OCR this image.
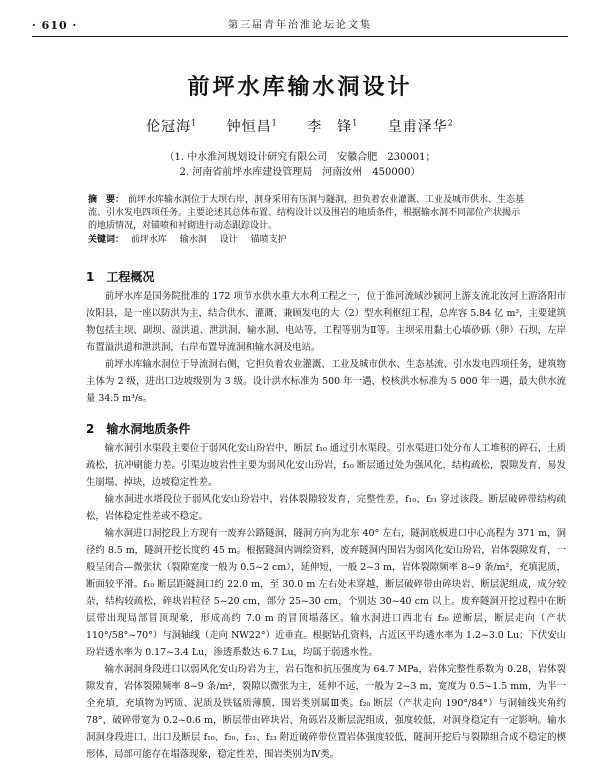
· 610 ·	第三届青年治淮论坛论文集
前坪水库输水洞设计
伦冠海$^1$ 钟恒昌$^1$ 李　锋$^1$ 皇甫泽华$^2$
（1. 中水淮河规划设计研究有限公司　安徽合肥　230001；
2. 河南省前坪水库建设管理局　河南汝州　450000）
摘　要： 前坪水库输水洞位于大坝右岸，洞身采用有压洞与隧洞，担负着农业灌溉、工业及城市供水、生态基流、引水发电四项任务。主要论述其总体布置、结构设计以及围岩的地质条件，根据输水洞不同部位产状揭示的地质情况，对锚喷和衬砌进行动态跟踪设计。
关键词： 前坪水库 输水洞 设计 锚喷支护
1 工程概况

前坪水库是国务院批准的 172 项节水供水重大水利工程之一，位于淮河流域沙颍河上游支流北汝河上游洛阳市汝阳县，是一座以防洪为主，结合供水、灌溉、兼顾发电的大（2）型水利枢纽工程，总库容 5.84 亿 m³，主要建筑物包括主坝、副坝、溢洪道、泄洪洞、输水洞、电站等，工程等别为Ⅱ等。主坝采用黏土心墙砂砾（卵）石坝，左岸布置溢洪道和泄洪洞，右岸布置导流洞和输水洞及电站。

前坪水库输水洞位于导流洞右侧，它担负着农业灌溉、工业及城市供水、生态基流、引水发电四项任务，建筑物主体为 2 级，进出口边坡级别为 3 级。设计洪水标准为 500 年一遇，校核洪水标准为 5 000 年一遇，最大供水流量 34.5 m³/s。

2 输水洞地质条件

输水洞引水渠段主要位于弱风化安山玢岩中，断层 f₁₀ 通过引水渠段。引水渠进口处分布人工堆积的碎石，土质疏松，抗冲刷能力差。引渠边坡岩性主要为弱风化安山玢岩，f₁₀ 断层通过处为强风化，结构疏松，裂隙发育，易发生崩塌、掉块，边坡稳定性差。

输水洞进水塔段位于弱风化安山玢岩中，岩体裂隙较发育，完整性差，f₁₀、f₂₁ 穿过该段。断层破碎带结构疏松，岩体稳定性差或不稳定。

输水洞进口洞挖段上方现有一废弃公路隧洞，隧洞方向为北东 40° 左右，隧洞底板进口中心高程为 371 m，洞径约 8.5 m，隧洞开挖长度约 45 m。根据隧洞内调绘资料，废弃隧洞内围岩为弱风化安山玢岩，岩体裂隙发育，一般呈闭合—微张状（裂隙宽度一般为 0.5~2 cm），延伸短，一般 2~3 m，岩体裂隙频率 8~9 条/m²，充填泥质，断面较平滑。f₁₀ 断层距隧洞口约 22.0 m，至 30.0 m 左右处未穿越，断层破碎带由碎块岩、断层泥组成，成分较杂，结构较疏松，碎块岩粒径 5~20 cm，部分 25~30 cm，个别达 30~40 cm 以上。废弃隧洞开挖过程中在断层带出现局部冒顶现象，形成高约 7.0 m 的冒顶塌落区。输水洞进口西北右 f₂₀ 逆断层，断层走向（产状 110°/58°~70°）与洞轴线（走向 NW22°）近垂直。根据钻孔资料，占近区平均透水率为 1.2~3.0 Lu；下伏安山玢岩透水率为 0.17~3.4 Lu，渗透系数达 6.7 Lu，均属于弱透水性。

输水洞洞身段进口以弱风化安山玢岩为主，岩石饱和抗压强度为 64.7 MPa，岩体完整性系数为 0.28，岩体裂隙发育，岩体裂隙频率 8~9 条/m²，裂隙以微张为主，延伸不远，一般为 2~3 m，宽度为 0.5~1.5 mm，为半一全充填，充填物为钙质、泥质及铁锰质薄膜，围岩类别属Ⅲ类。f₂₀ 断层（产状走向 190°/84°）与洞轴线夹角约 78°，破碎带宽为 0.2~0.6 m，断层带由碎块岩、角砾岩及断层泥组成，强度较低，对洞身稳定有一定影响。输水洞洞身段进口、出口及断层 f₁₀、f₂₀、f₂₁、f₂₃ 附近破碎带位置岩体强度较低，隧洞开挖后与裂隙组合成不稳定的楔形体，局部可能存在塌落现象，稳定性差，围岩类别为Ⅳ类。
